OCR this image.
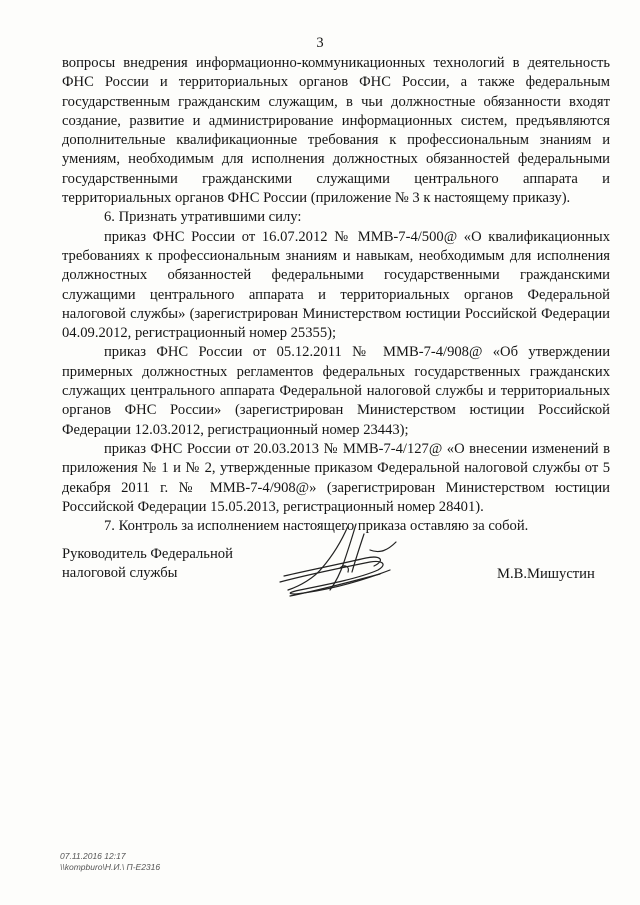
3

вопросы внедрения информационно-коммуникационных технологий в деятельность ФНС России и территориальных органов ФНС России, а также федеральным государственным гражданским служащим, в чьи должностные обязанности входят создание, развитие и администрирование информационных систем, предъявляются дополнительные квалификационные требования к профессиональным знаниям и умениям, необходимым для исполнения должностных обязанностей федеральными государственными гражданскими служащими центрального аппарата и территориальных органов ФНС России (приложение № 3 к настоящему приказу).

6. Признать утратившими силу:

приказ ФНС России от 16.07.2012 № ММВ-7-4/500@ «О квалификационных требованиях к профессиональным знаниям и навыкам, необходимым для исполнения должностных обязанностей федеральными государственными гражданскими служащими центрального аппарата и территориальных органов Федеральной налоговой службы» (зарегистрирован Министерством юстиции Российской Федерации 04.09.2012, регистрационный номер 25355);

приказ ФНС России от 05.12.2011 № ММВ-7-4/908@ «Об утверждении примерных должностных регламентов федеральных государственных гражданских служащих центрального аппарата Федеральной налоговой службы и территориальных органов ФНС России» (зарегистрирован Министерством юстиции Российской Федерации 12.03.2012, регистрационный номер 23443);

приказ ФНС России от 20.03.2013 № ММВ-7-4/127@ «О внесении изменений в приложения № 1 и № 2, утвержденные приказом Федеральной налоговой службы от 5 декабря 2011 г. № ММВ-7-4/908@» (зарегистрирован Министерством юстиции Российской Федерации 15.05.2013, регистрационный номер 28401).

7. Контроль за исполнением настоящего приказа оставляю за собой.

Руководитель Федеральной
налоговой службы	М.В.Мишустин
07.11.2016 12:17
\\kompburo\Н.И.\ П-Е2316
